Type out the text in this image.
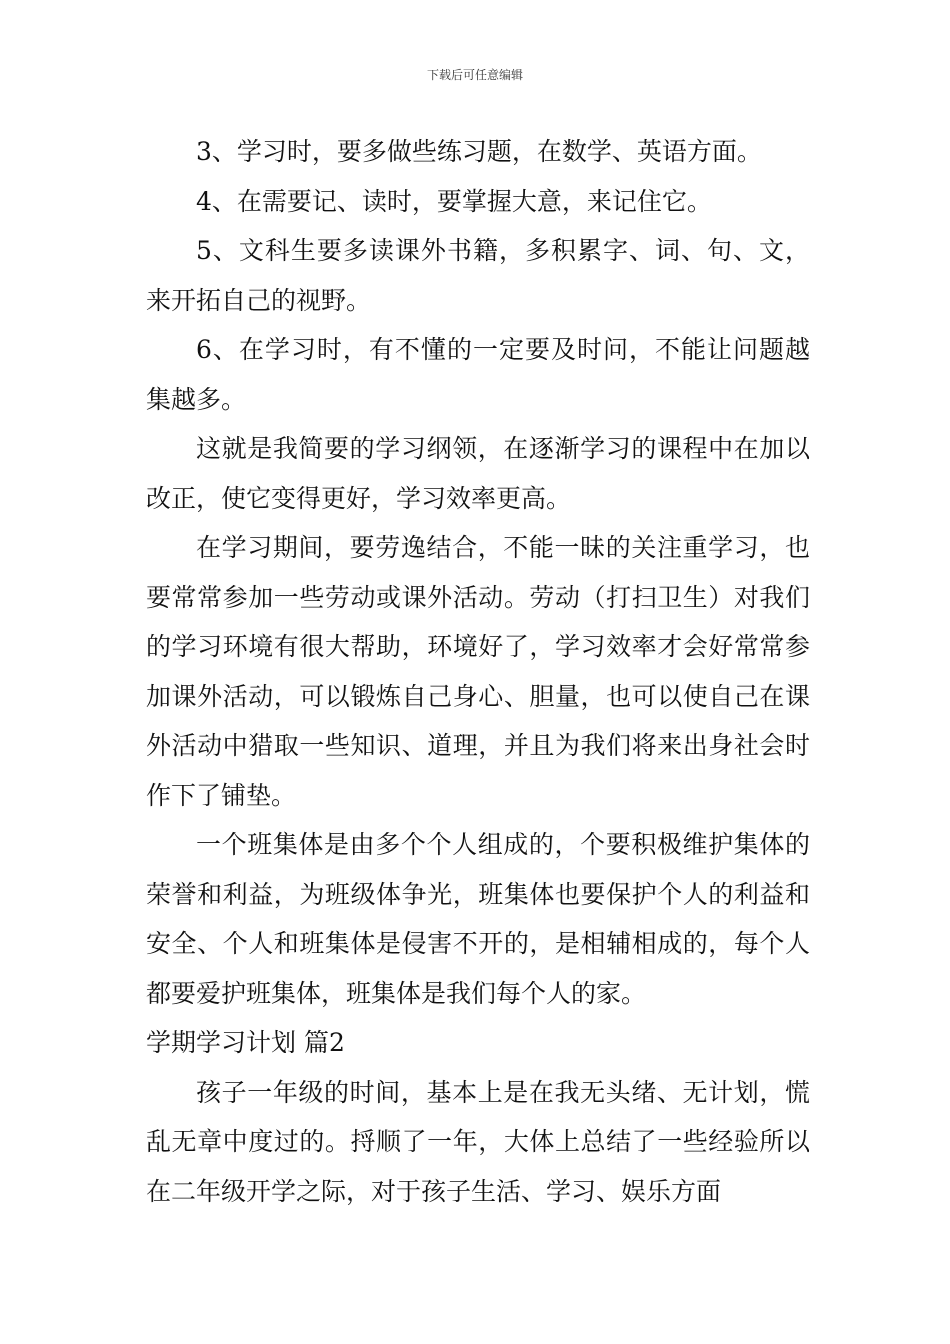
下载后可任意编辑

3、学习时，要多做些练习题，在数学、英语方面。

4、在需要记、读时，要掌握大意，来记住它。

5、文科生要多读课外书籍，多积累字、词、句、文，来开拓自己的视野。

6、在学习时，有不懂的一定要及时问，不能让问题越集越多。

这就是我简要的学习纲领，在逐渐学习的课程中在加以改正，使它变得更好，学习效率更高。

在学习期间，要劳逸结合，不能一昧的关注重学习，也要常常参加一些劳动或课外活动。劳动（打扫卫生）对我们的学习环境有很大帮助，环境好了，学习效率才会好常常参加课外活动，可以锻炼自己身心、胆量，也可以使自己在课外活动中猎取一些知识、道理，并且为我们将来出身社会时作下了铺垫。

一个班集体是由多个个人组成的，个要积极维护集体的荣誉和利益，为班级体争光，班集体也要保护个人的利益和安全、个人和班集体是侵害不开的，是相辅相成的，每个人都要爱护班集体，班集体是我们每个人的家。

学期学习计划 篇2

孩子一年级的时间，基本上是在我无头绪、无计划，慌乱无章中度过的。捋顺了一年，大体上总结了一些经验所以在二年级开学之际，对于孩子生活、学习、娱乐方面
